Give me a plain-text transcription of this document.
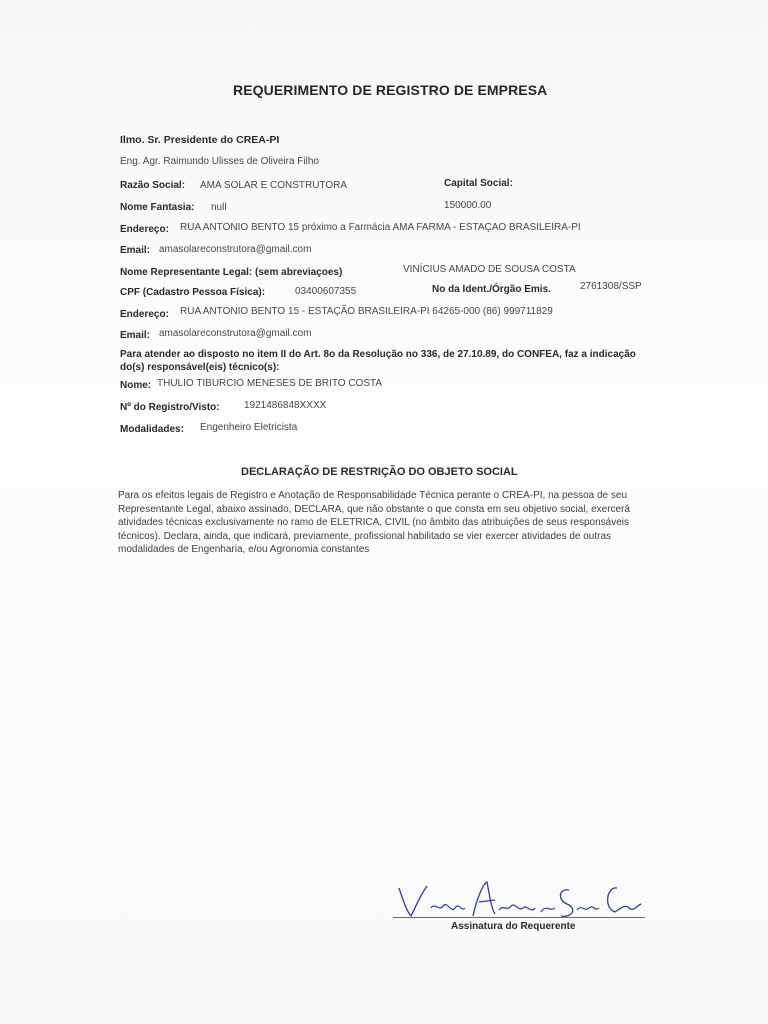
REQUERIMENTO DE REGISTRO DE EMPRESA
Ilmo. Sr. Presidente do CREA-PI
Eng. Agr. Raimundo Ulisses de Oliveira Filho
Razão Social: AMA SOLAR E CONSTRUTORA	Capital Social:
Nome Fantasia: null	150000.00
Endereço: RUA ANTONIO BENTO 15 próximo a Farmácia AMA FARMA - ESTAÇAO BRASILEIRA-PI
Email: amasolareconstrutora@gmail.com
Nome Representante Legal: (sem abreviaçoes)	VINÍCIUS AMADO DE SOUSA COSTA
CPF (Cadastro Pessoa Física):	03400607355	No da Ident./Órgão Emis.	2761308/SSP
Endereço: RUA ANTONIO BENTO 15 - ESTAÇÃO BRASILEIRA-PI 64265-000 (86) 999711829
Email: amasolareconstrutora@gmail.com
Para atender ao disposto no item II do Art. 8o da Resolução no 336, de 27.10.89, do CONFEA, faz a indicação
do(s) responsável(eis) técnico(s):
Nome: THULIO TIBURCIO MENESES DE BRITO COSTA
Nº do Registro/Visto: 1921486848XXXX
Modalidades: Engenheiro Eletricista
DECLARAÇÃO DE RESTRIÇÃO DO OBJETO SOCIAL
Para os efeitos legais de Registro e Anotação de Responsabilidade Técnica perante o CREA-PI, na pessoa de seu Representante Legal, abaixo assinado, DECLARA, que não obstante o que consta em seu objetivo social, exercerá atividades técnicas exclusivamente no ramo de ELETRICA, CIVIL (no âmbito das atribuições de seus responsáveis técnicos). Declara, ainda, que indicará, previamente, profissional habilitado se vier exercer atividades de outras modalidades de Engenharia, e/ou Agronomia constantes
Assinatura do Requerente
